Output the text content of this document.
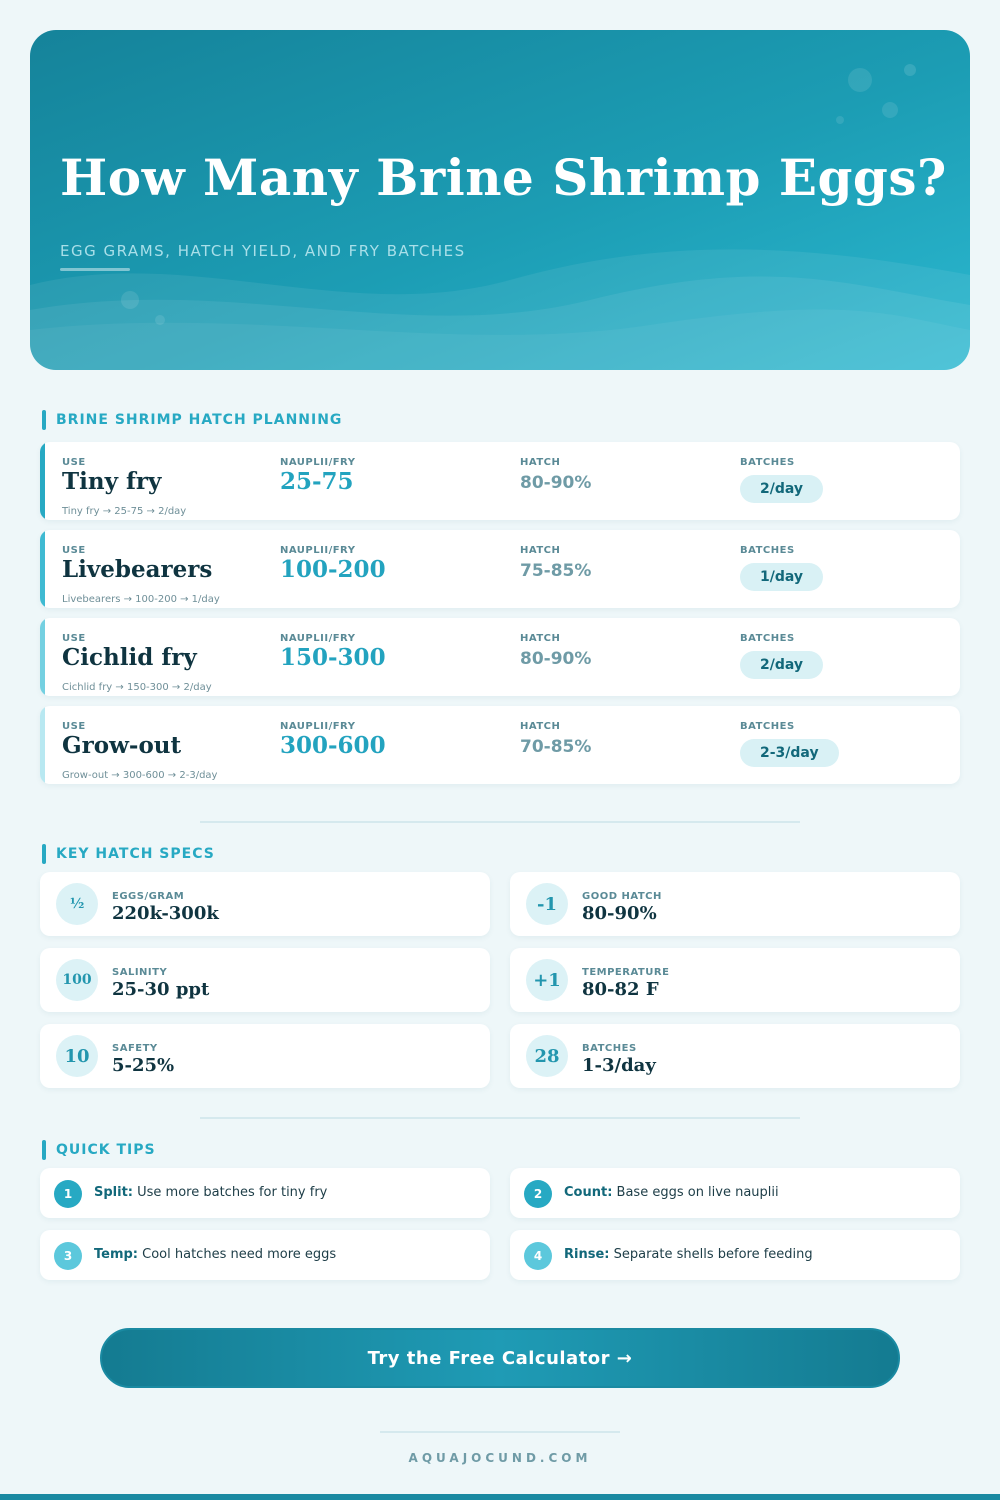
How Many Brine Shrimp Eggs?
EGG GRAMS, HATCH YIELD, AND FRY BATCHES
BRINE SHRIMP HATCH PLANNING
USE	NAUPLII/FRY	HATCH	BATCHES
Tiny fry	25-75	80-90%	2/day
Tiny fry → 25-75 → 2/day
USE	NAUPLII/FRY	HATCH	BATCHES
Livebearers	100-200	75-85%	1/day
Livebearers → 100-200 → 1/day
USE	NAUPLII/FRY	HATCH	BATCHES
Cichlid fry	150-300	80-90%	2/day
Cichlid fry → 150-300 → 2/day
USE	NAUPLII/FRY	HATCH	BATCHES
Grow-out	300-600	70-85%	2-3/day
Grow-out → 300-600 → 2-3/day
KEY HATCH SPECS
½	EGGS/GRAM
220k-300k	-1	GOOD HATCH
80-90%
100	SALINITY
25-30 ppt	+1	TEMPERATURE
80-82 F
10	SAFETY
5-25%	28	BATCHES
1-3/day
QUICK TIPS
1	Split: Use more batches for tiny fry	2	Count: Base eggs on live nauplii
3	Temp: Cool hatches need more eggs	4	Rinse: Separate shells before feeding
Try the Free Calculator →
AQUAJOCUND.COM
